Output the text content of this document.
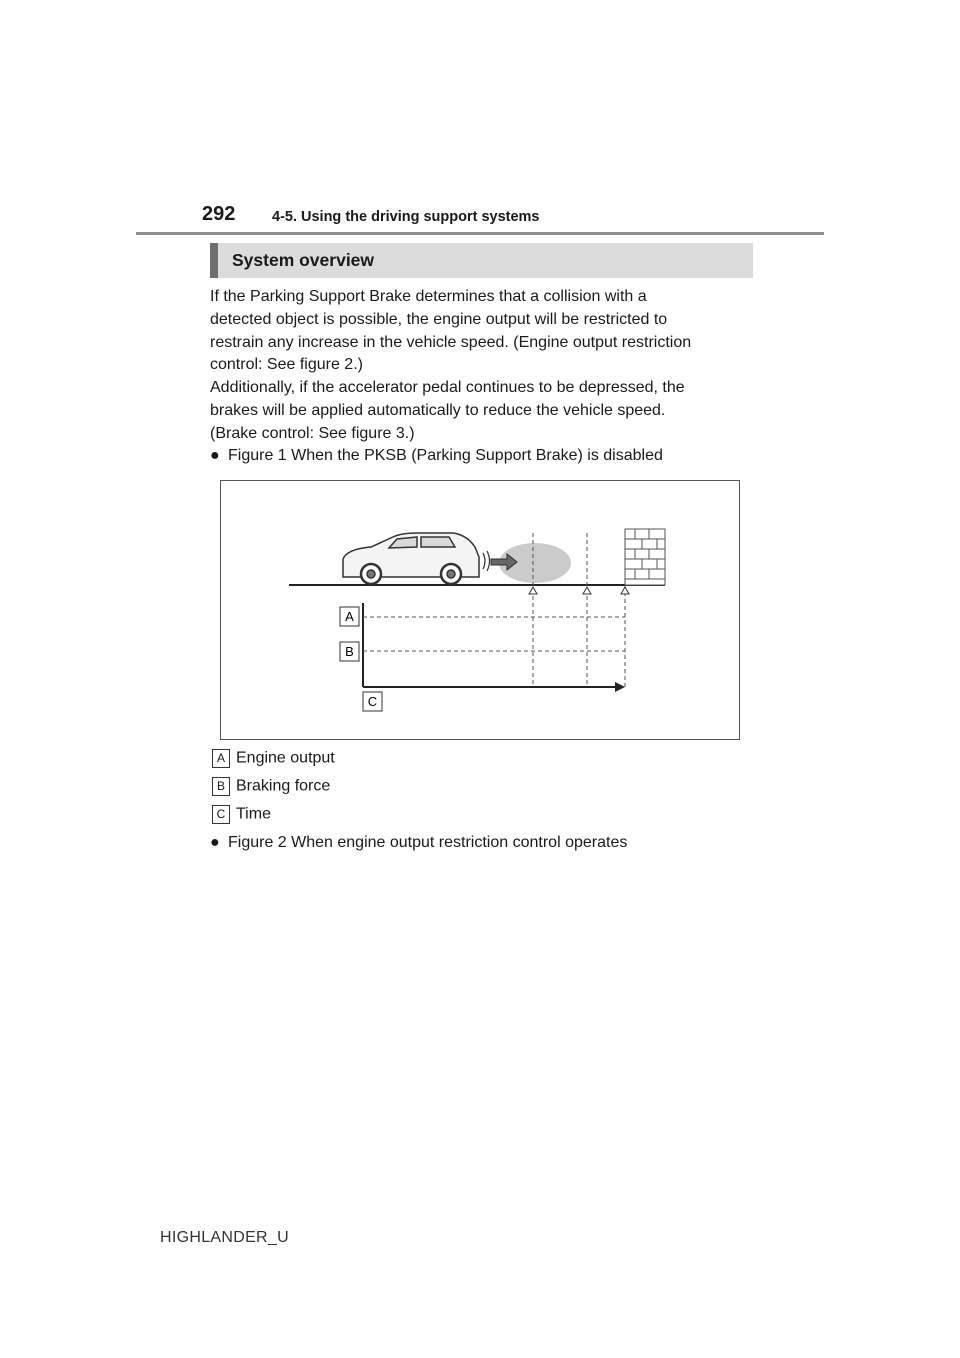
292	4-5. Using the driving support systems
System overview

If the Parking Support Brake determines that a collision with a

detected object is possible, the engine output will be restricted to

restrain any increase in the vehicle speed. (Engine output restriction

control: See figure 2.)

Additionally, if the accelerator pedal continues to be depressed, the

brakes will be applied automatically to reduce the vehicle speed.

(Brake control: See figure 3.)

● Figure 1 When the PKSB (Parking Support Brake) is disabled
A
B
C
A Engine output
B Braking force
C Time
● Figure 2 When engine output restriction control operates
HIGHLANDER_U
